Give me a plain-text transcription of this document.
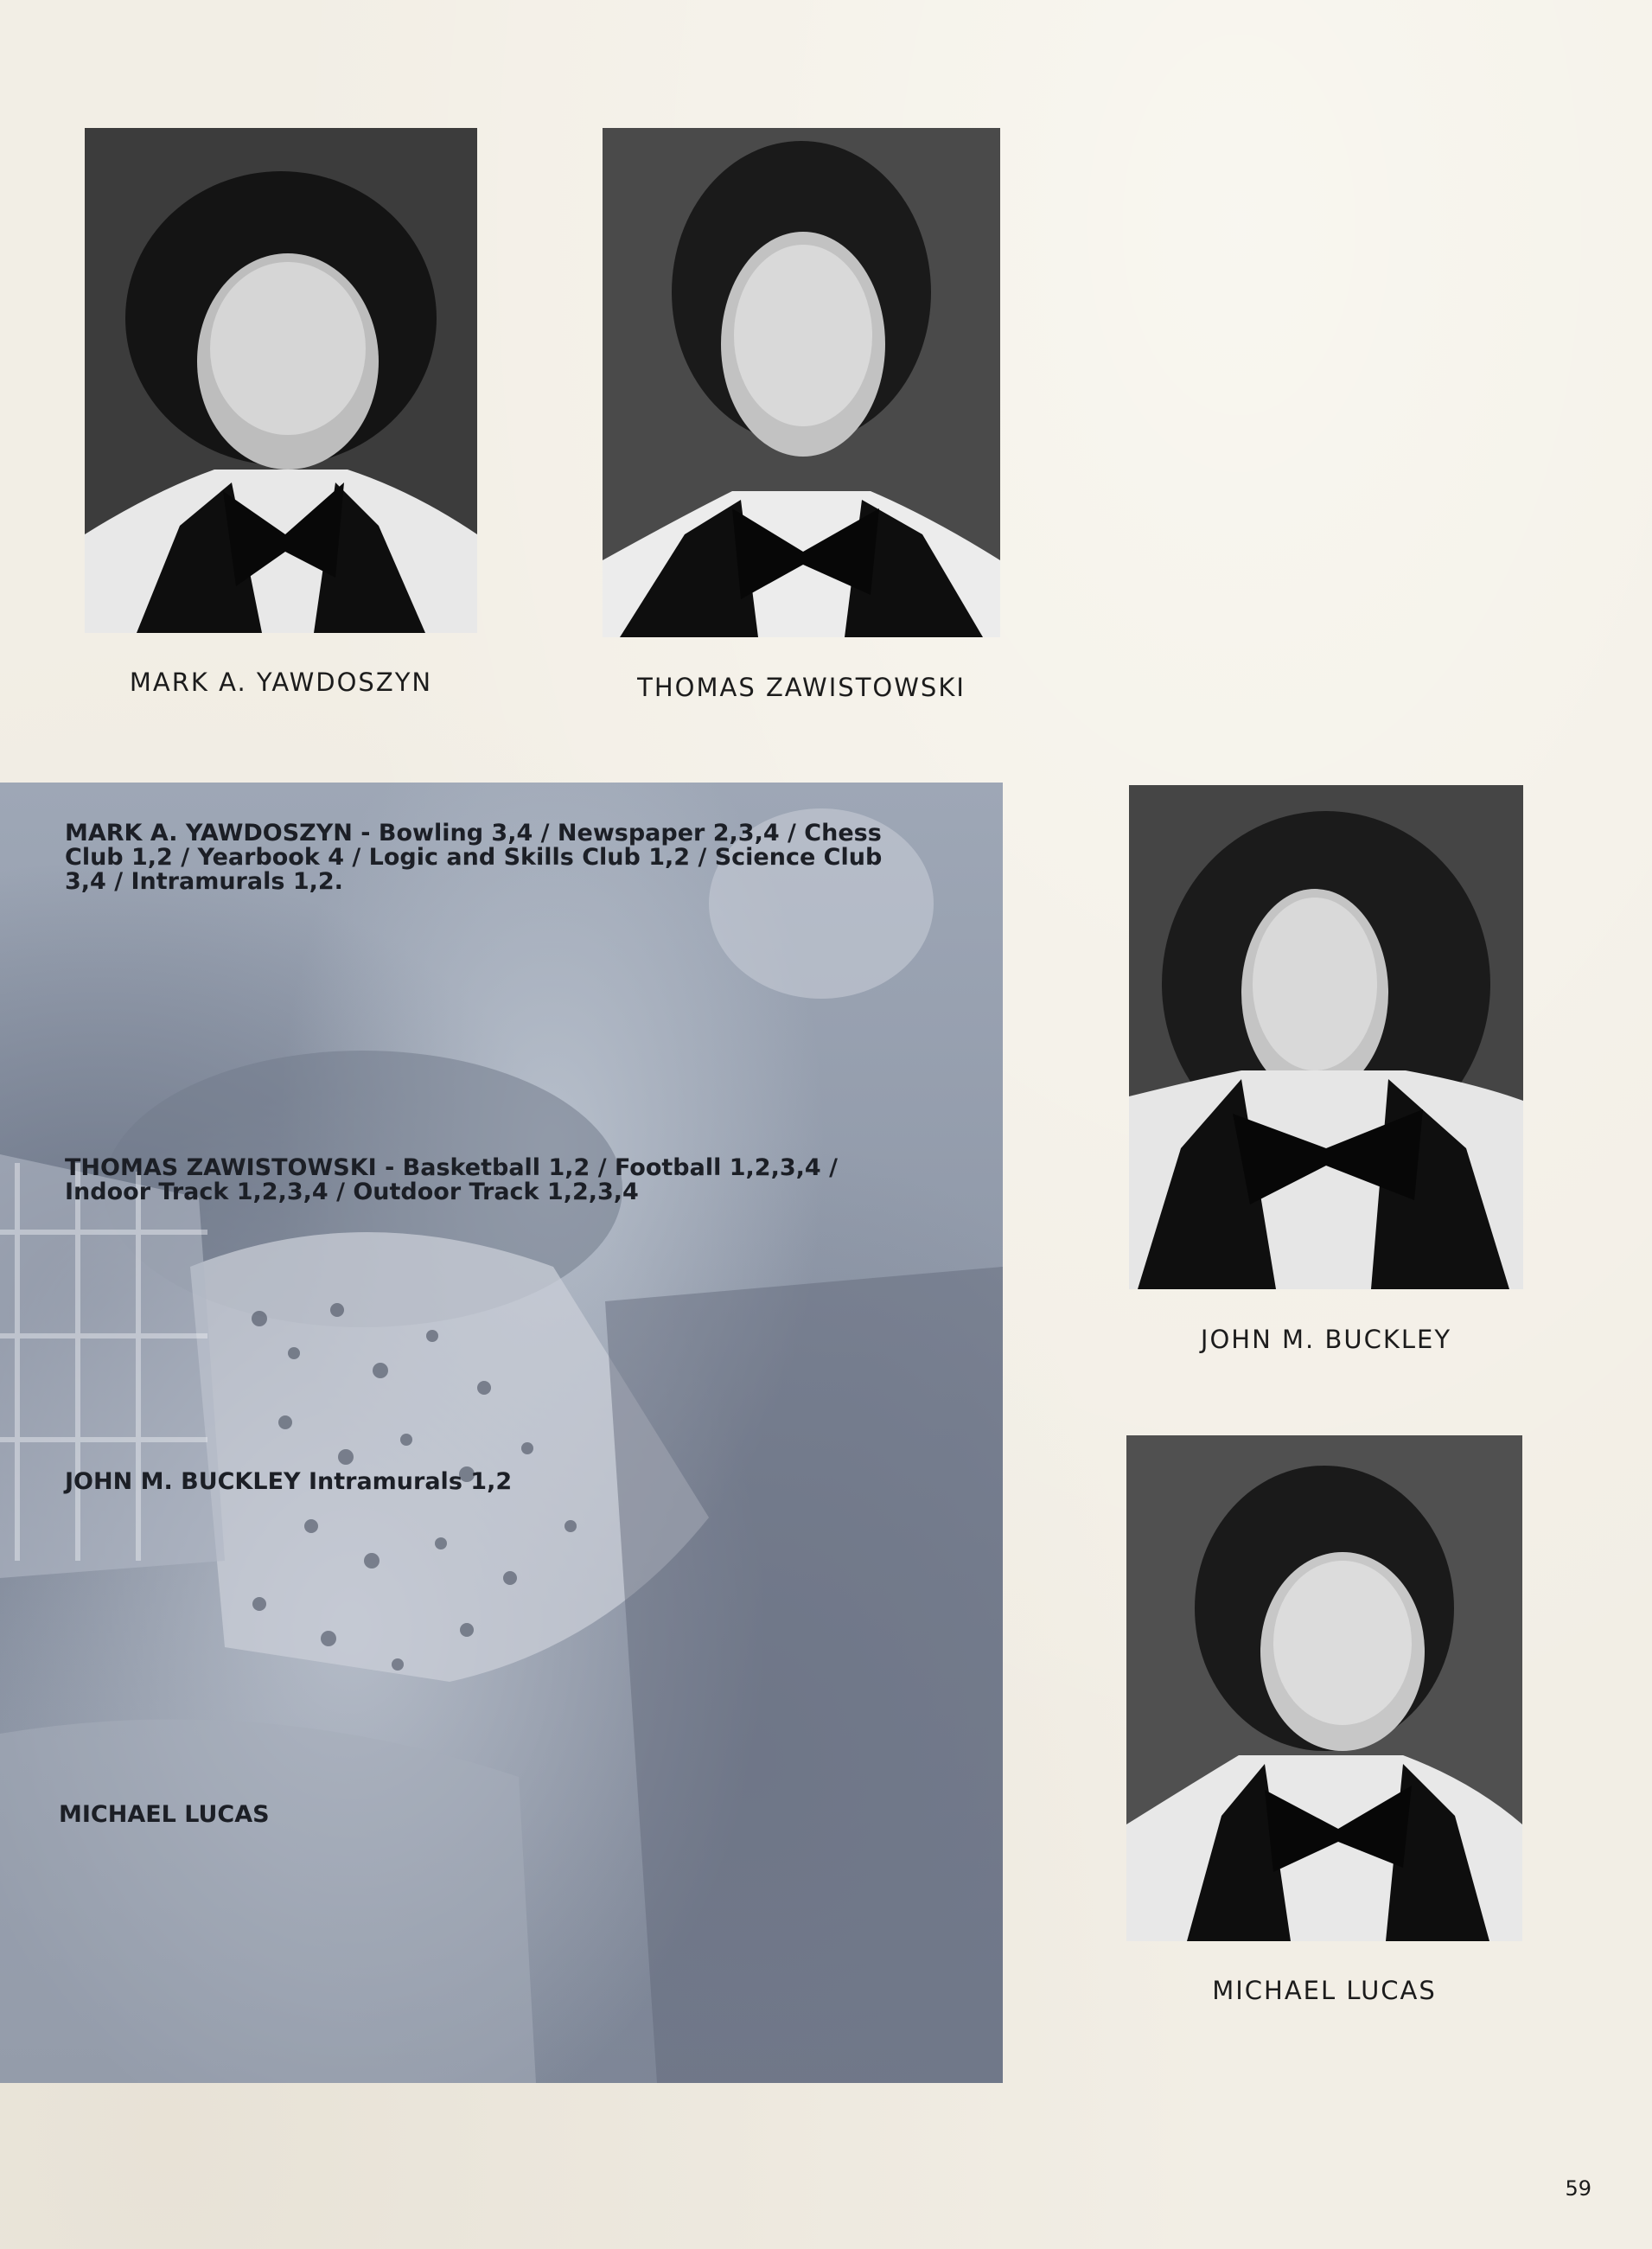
MARK A. YAWDOSZYN	THOMAS ZAWISTOWSKI

MARK A. YAWDOSZYN - Bowling 3,4 / Newspaper 2,3,4 / Chess Club 1,2 / Yearbook 4 / Logic and Skills Club 1,2 / Science Club 3,4 / Intramurals 1,2.

THOMAS ZAWISTOWSKI - Basketball 1,2 / Football 1,2,3,4 / Indoor Track 1,2,3,4 / Outdoor Track 1,2,3,4

JOHN M. BUCKLEY Intramurals 1,2

MICHAEL LUCAS

JOHN M. BUCKLEY
MICHAEL LUCAS
59
